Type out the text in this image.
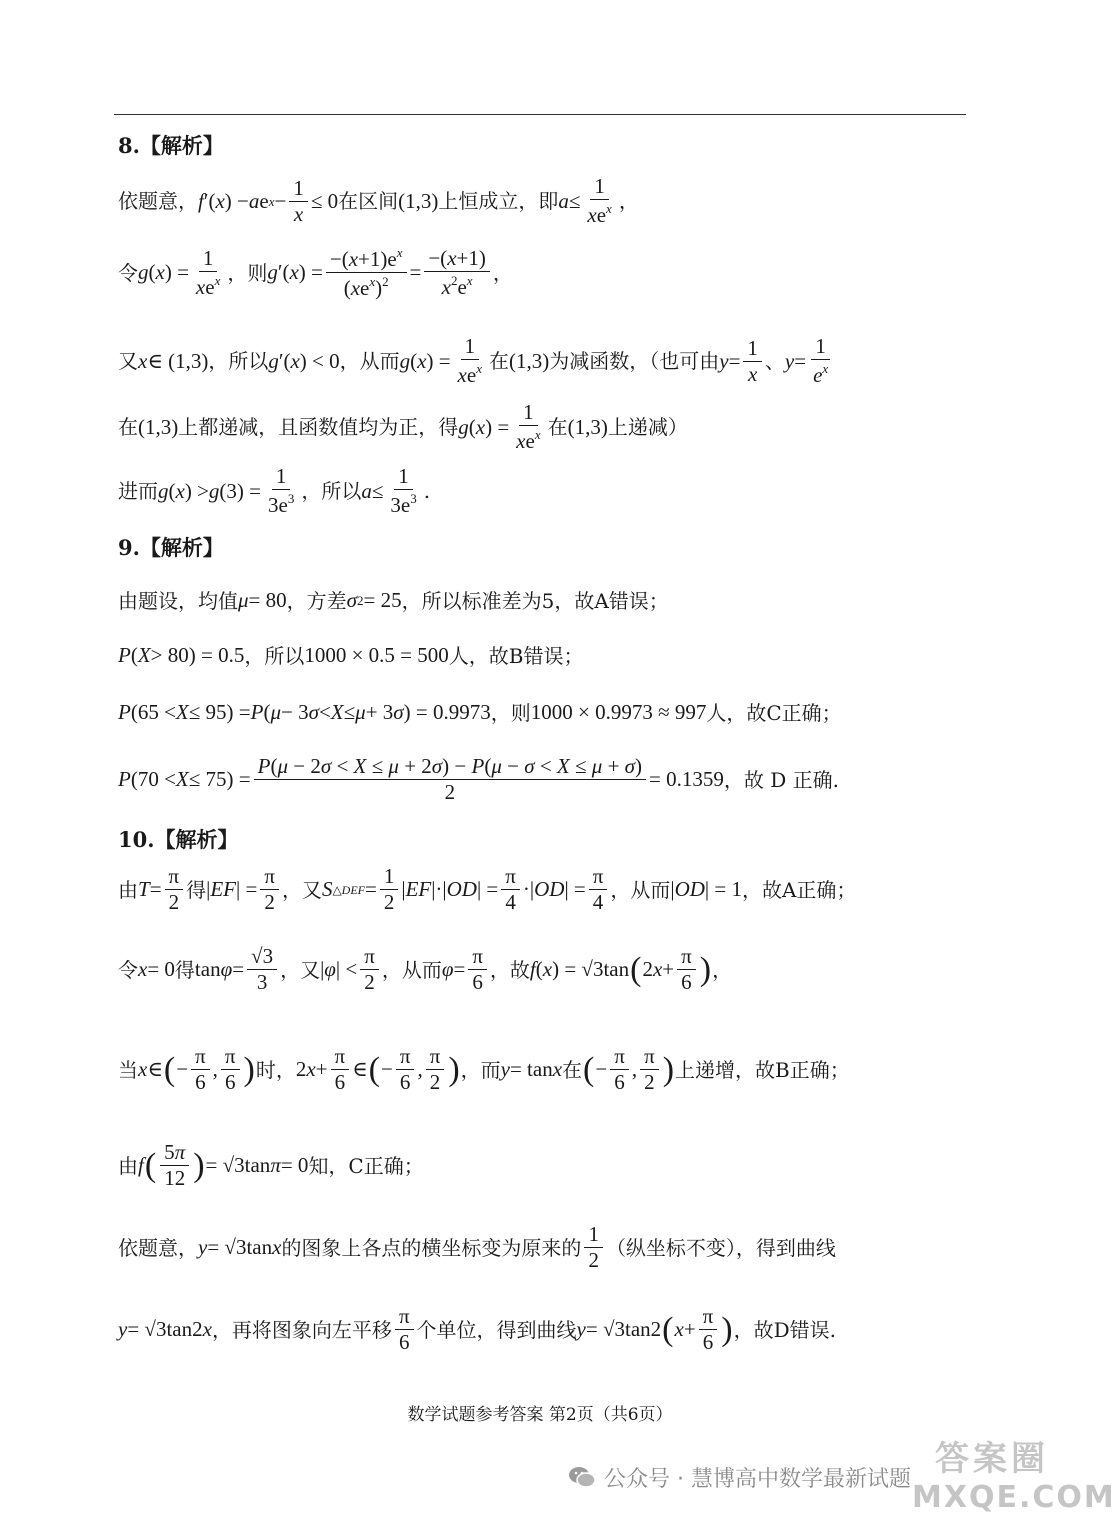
8.【解析】
依题意， f ′( x ) − a e $x - \frac{1}{x} \le 0$ 在区间 (1,3) 上恒成立，即 $a \le \frac{1}{xe^x}$ ，
令 g ( x ) = $\frac{1}{xe^x}$ ，则 g ′( x ) = $\frac{-(x+1)e^x}{(xe^x)^2} = \frac{-(x+1)}{x^2e^x}$ ，
又 x ∈ (1,3) ，所以 g ′( x ) < 0 ，从而 g ( x ) = $\frac{1}{xe^x}$ 在 (1,3) 为减函数，（也可由 $y = \frac{1}{x}$ 、 $y = \frac{1}{e^x}$
在 (1,3) 上都递减，且函数值均为正，得 g ( x ) = $\frac{1}{xe^x}$ 在 (1,3) 上递减）
进而 g ( x ) > g $(3) = \frac{1}{3e^3}$ ，所以 $a \le \frac{1}{3e^3}$ .
9.【解析】
由题设，均值 μ = 80 ，方差 σ 2 = 25 ，所以标准差为5，故A错误；
P ( X > 80) = 0.5 ，所以 1000 × 0.5 = 500 人，故B错误；
P (65 < X ≤ 95) = P ( μ − 3 σ < X ≤ μ + 3 σ ) = 0.9973 ，则 1000 × 0.9973 ≈ 997 人，故C正确；
P $(70 < X \le 75) = \frac{P(\mu - 2\sigma < X \le \mu + 2\sigma) - P(\mu - \sigma < X \le \mu + \sigma)}{2} = 0.1359$ ，故 D 正确.
10.【解析】
由 $T = \frac{\pi}{2}$ 得 | EF | = $\frac{\pi}{2}$ ，又 S △DEF = $\frac{1}{2}$ | EF |·| OD | = $\frac{\pi}{4}$ ·| OD | = $\frac{\pi}{4}$ ，从而 | OD | = 1 ，故A正确；
令 x = 0 得 $\tan \varphi = \frac{√3}{3}$ ，又 | φ | < $\frac{\pi}{2}$ ，从而 $\varphi = \frac{\pi}{6}$ ，故 f ( x ) = √3tan ( 2 $x + \frac{\pi}{6}$ ) ，
当 x ∈ ( − $\frac{\pi}{6}$ , $\frac{\pi}{6}$ ) 时， 2 $x + \frac{\pi}{6}$ ∈ ( − $\frac{\pi}{6}$ , $\frac{\pi}{2}$ ) ，而 y = tan x 在 ( − $\frac{\pi}{6}$ , $\frac{\pi}{2}$ ) 上递增，故B正确；
由 f ( $\frac{5\pi}{12}$ ) = √3tan π = 0 知，C正确；
依题意， y = √3tan x 的图象上各点的横坐标变为原来的 $\frac{1}{2}$ （纵坐标不变），得到曲线
y = √3tan2 x ，再将图象向左平移 $\frac{\pi}{6}$ 个单位，得到曲线 y = √3tan2 ( $x + \frac{\pi}{6}$ ) ，故D错误.
数学试题参考答案 第2页（共6页）
公众号 · 慧博高中数学最新试题 答案圈
MXQE.COM
